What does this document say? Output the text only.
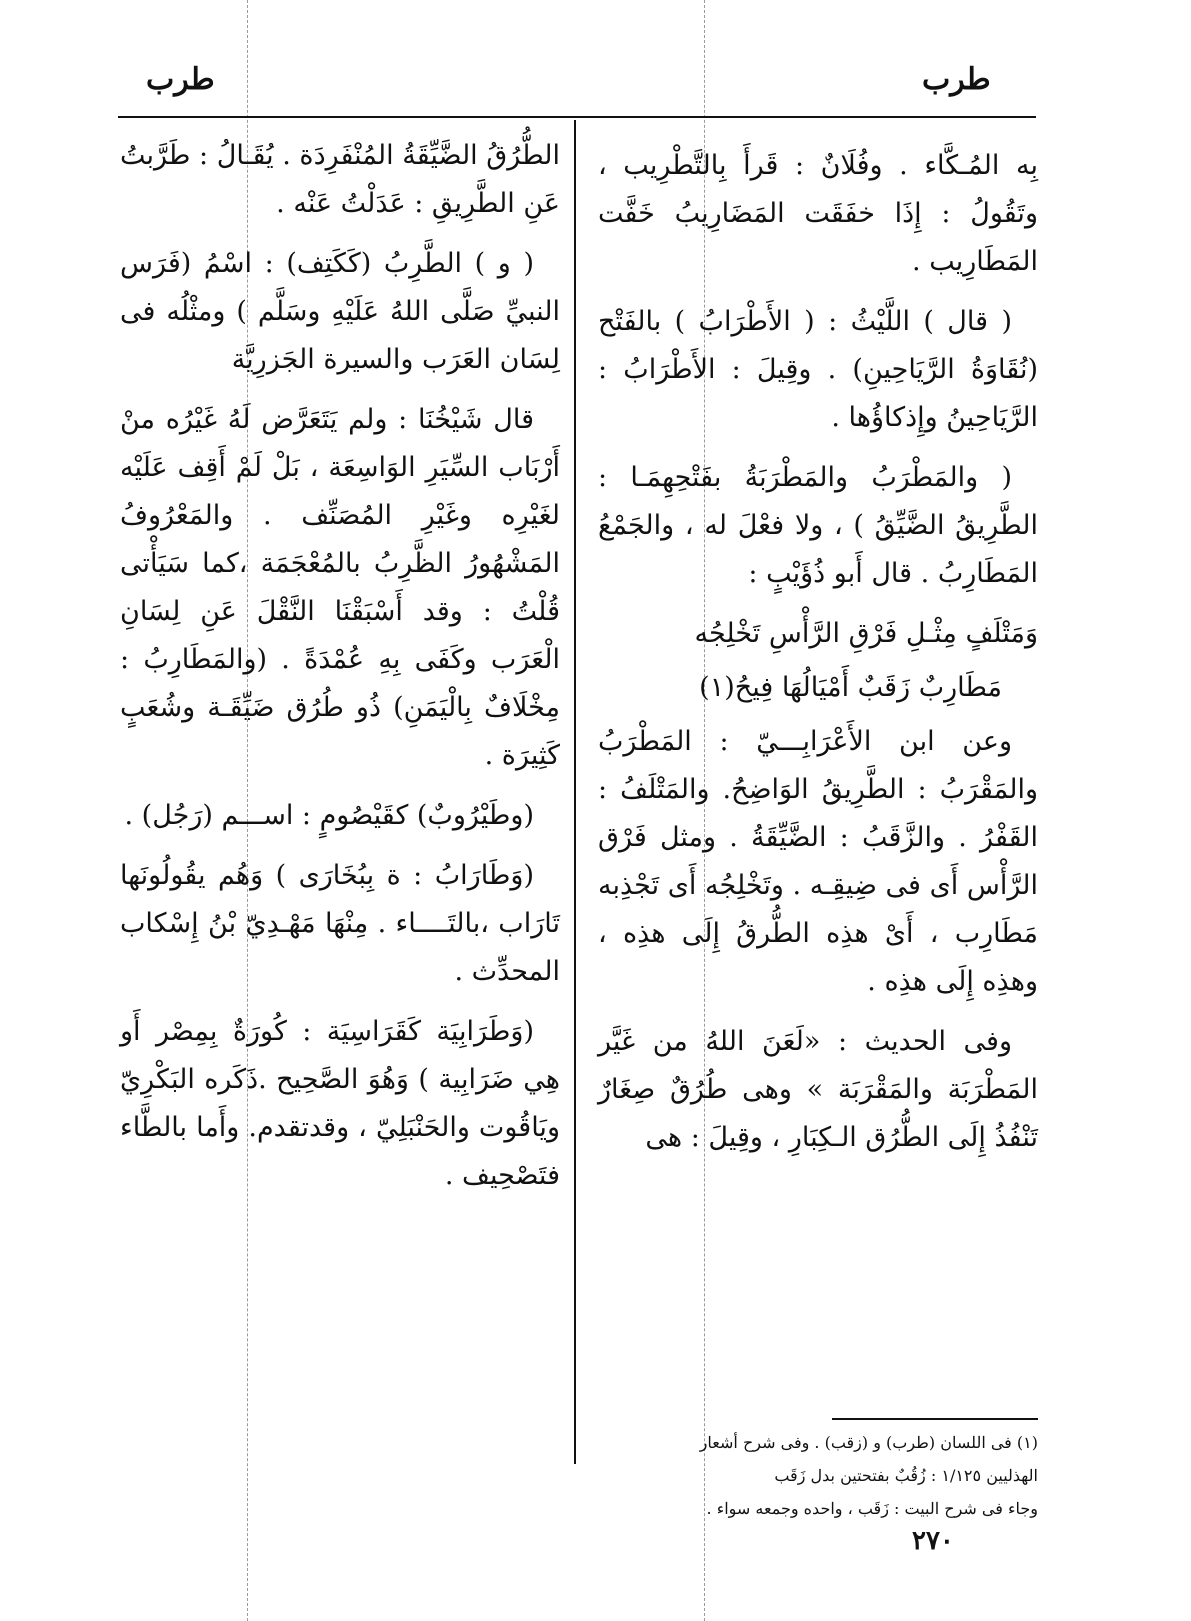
طرب
طرب

بِه المُـكَّاء . وفُلَانٌ : قَرأَ بِالتَّطْرِيب ، وتَقُولُ : إِذَا خفَقَت المَضَارِيبُ خَفَّت المَطَارِيب .

( قال ) اللَّيْثُ : ( الأَطْرَابُ ) بالفَتْح (نُقَاوَةُ الرَّيَاحِينِ) . وقِيلَ : الأَطْرَابُ : الرَّيَاحِينُ وإِذكاؤُها .

( والمَطْرَبُ والمَطْرَبَةُ بفَتْحِهِمَـا : الطَّرِيقُ الضَّيِّقُ ) ، ولا فعْلَ له ، والجَمْعُ المَطَارِبُ . قال أَبو ذُؤَيْبٍ :

وَمَتْلَفٍ مِثْـلِ فَرْقِ الرَّأْسِ تَخْلِجُه

مَطَارِبٌ زَقَبٌ أَمْيَالُهَا فِيحُ(١)

وعن ابن الأَعْرَابِـــيّ : المَطْرَبُ والمَقْرَبُ : الطَّرِيقُ الوَاضِحُ. والمَتْلَفُ : القَفْرُ . والزَّقَبُ : الضَّيِّقَةُ . ومثل فَرْق الرَّأْس أَى فى ضِيقِـه . وتَخْلِجُه أَى تَجْذِبه مَطَارِب ، أَىْ هذِه الطُّرقُ إِلَى هذِه ، وهذِه إِلَى هذِه .

وفى الحديث : «لَعَنَ اللهُ من غَيَّر المَطْرَبَة والمَقْرَبَة » وهى طُرُقٌ صِغَارٌ تَنْفُذُ إِلَى الطُّرُق الـكِبَارِ ، وقِيلَ : هى

الطُّرُقُ الضَّيِّقَةُ المُنْفَرِدَة . يُقَـالُ : طَرَّبتُ عَنِ الطَّرِيقِ : عَدَلْتُ عَنْه .

( و ) الطَّرِبُ (كَكَتِف) : اسْمُ (فَرَس النبيِّ صَلَّى اللهُ عَلَيْهِ وسَلَّم ) ومثْلُه فى لِسَان العَرَب والسيرة الجَزرِيَّة

قال شَيْخُنَا : ولم يَتَعَرَّض لَهُ غَيْرُه منْ أَرْبَاب السِّيَرِ الوَاسِعَة ، بَلْ لَمْ أَقِف عَلَيْه لغَيْرِه وغَيْرِ المُصَنِّف . والمَعْرُوفُ المَشْهُورُ الظَّرِبُ بالمُعْجَمَة ،كما سَيَأْتى قُلْتُ : وقد أَسْبَقْنَا النَّقْلَ عَنِ لِسَانِ الْعَرَب وكَفَى بِهِ عُمْدَةً . (والمَطَارِبُ : مِخْلَافٌ بِالْيَمَنِ) ذُو طُرُق ضَيِّقَـة وشُعَبٍ كَثِيرَة .

(وطَيْرُوبٌ) كقَيْصُومٍ : اســـم (رَجُل) .

(وَطَارَابُ : ة بِبُخَارَى ) وَهُم يقُولُونَها تَارَاب ،بالتَــــاء . مِنْهَا مَهْـدِيّ بْنُ إِسْكاب المحدِّث .

(وَطَرَابِيَة كَقَرَاسِيَة : كُورَةٌ بِمِصْر أَو هِي ضَرَابِية ) وَهُوَ الصَّحِيح .ذَكَره البَكْرِيّ ويَاقُوت والحَنْبَلِيّ ، وقدتقدم. وأَما بالطَّاء فتَصْحِيف .

(١) فى اللسان (طرب) و (زقب) . وفى شرح أشعار
الهذليين ١/١٢٥ : زُقُبٌ بفتحتين بدل زَقَب
وجاء فى شرح البيت : زَقَب ، واحده وجمعه سواء .
٢٧٠
